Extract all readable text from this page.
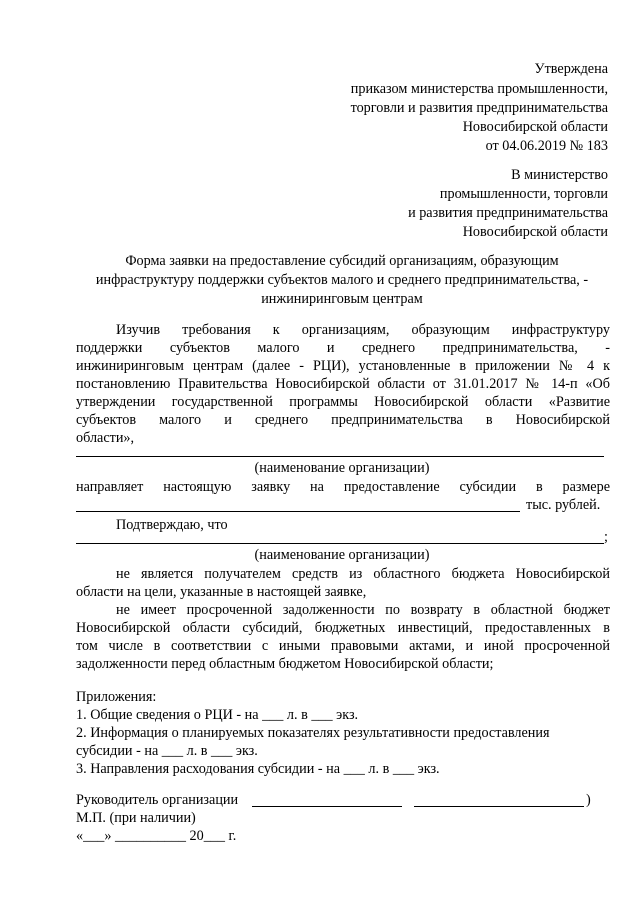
Утверждена
приказом министерства промышленности,
торговли и развития предпринимательства
Новосибирской области
от 04.06.2019 № 183
В министерство
промышленности, торговли
и развития предпринимательства
Новосибирской области
Форма заявки на предоставление субсидий организациям, образующим
инфраструктуру поддержки субъектов малого и среднего предпринимательства, -
инжиниринговым центрам
Изучив требования к организациям, образующим инфраструктуру
поддержки субъектов малого и среднего предпринимательства, -
инжиниринговым центрам (далее - РЦИ), установленные в приложении № 4 к
постановлению Правительства Новосибирской области от 31.01.2017 № 14-п «Об
утверждении государственной программы Новосибирской области «Развитие
субъектов малого и среднего предпринимательства в Новосибирской
области»,
(наименование организации)
направляет настоящую заявку на предоставление субсидии в размере
тыс. рублей.
Подтверждаю, что
;
(наименование организации)
не является получателем средств из областного бюджета Новосибирской
области на цели, указанные в настоящей заявке,
не имеет просроченной задолженности по возврату в областной бюджет
Новосибирской области субсидий, бюджетных инвестиций, предоставленных в
том числе в соответствии с иными правовыми актами, и иной просроченной
задолженности перед областным бюджетом Новосибирской области;
Приложения:
1. Общие сведения о РЦИ - на ___ л. в ___ экз.
2. Информация о планируемых показателях результативности предоставления
субсидии - на ___ л. в ___ экз.
3. Направления расходования субсидии - на ___ л. в ___ экз.
Руководитель организации	)
М.П. (при наличии)
«___» __________ 20___ г.
